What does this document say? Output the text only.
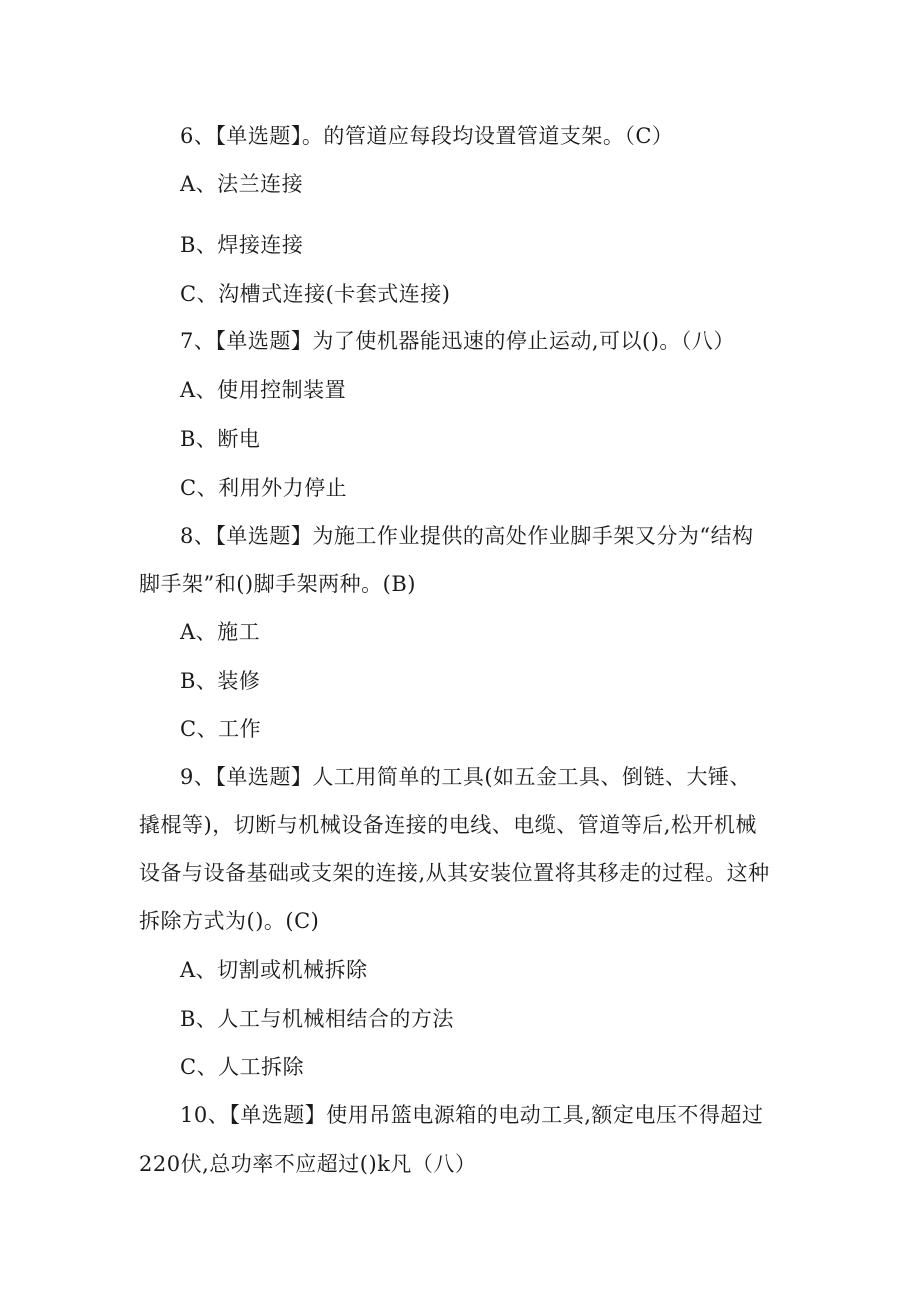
6、【单选题】。的管道应每段均设置管道支架。（C）
A、法兰连接
B、焊接连接
C、沟槽式连接(卡套式连接)
7、【单选题】为了使机器能迅速的停止运动,可以()。（八）
A、使用控制装置
B、断电
C、利用外力停止
8、【单选题】为施工作业提供的高处作业脚手架又分为“结构
脚手架”和()脚手架两种。(B)
A、施工
B、装修
C、工作
9、【单选题】人工用简单的工具(如五金工具、倒链、大锤、
撬棍等)，切断与机械设备连接的电线、电缆、管道等后,松开机械
设备与设备基础或支架的连接,从其安装位置将其移走的过程。这种
拆除方式为()。(C)
A、切割或机械拆除
B、人工与机械相结合的方法
C、人工拆除
10、【单选题】使用吊篮电源箱的电动工具,额定电压不得超过
220伏,总功率不应超过()k凡（八）
